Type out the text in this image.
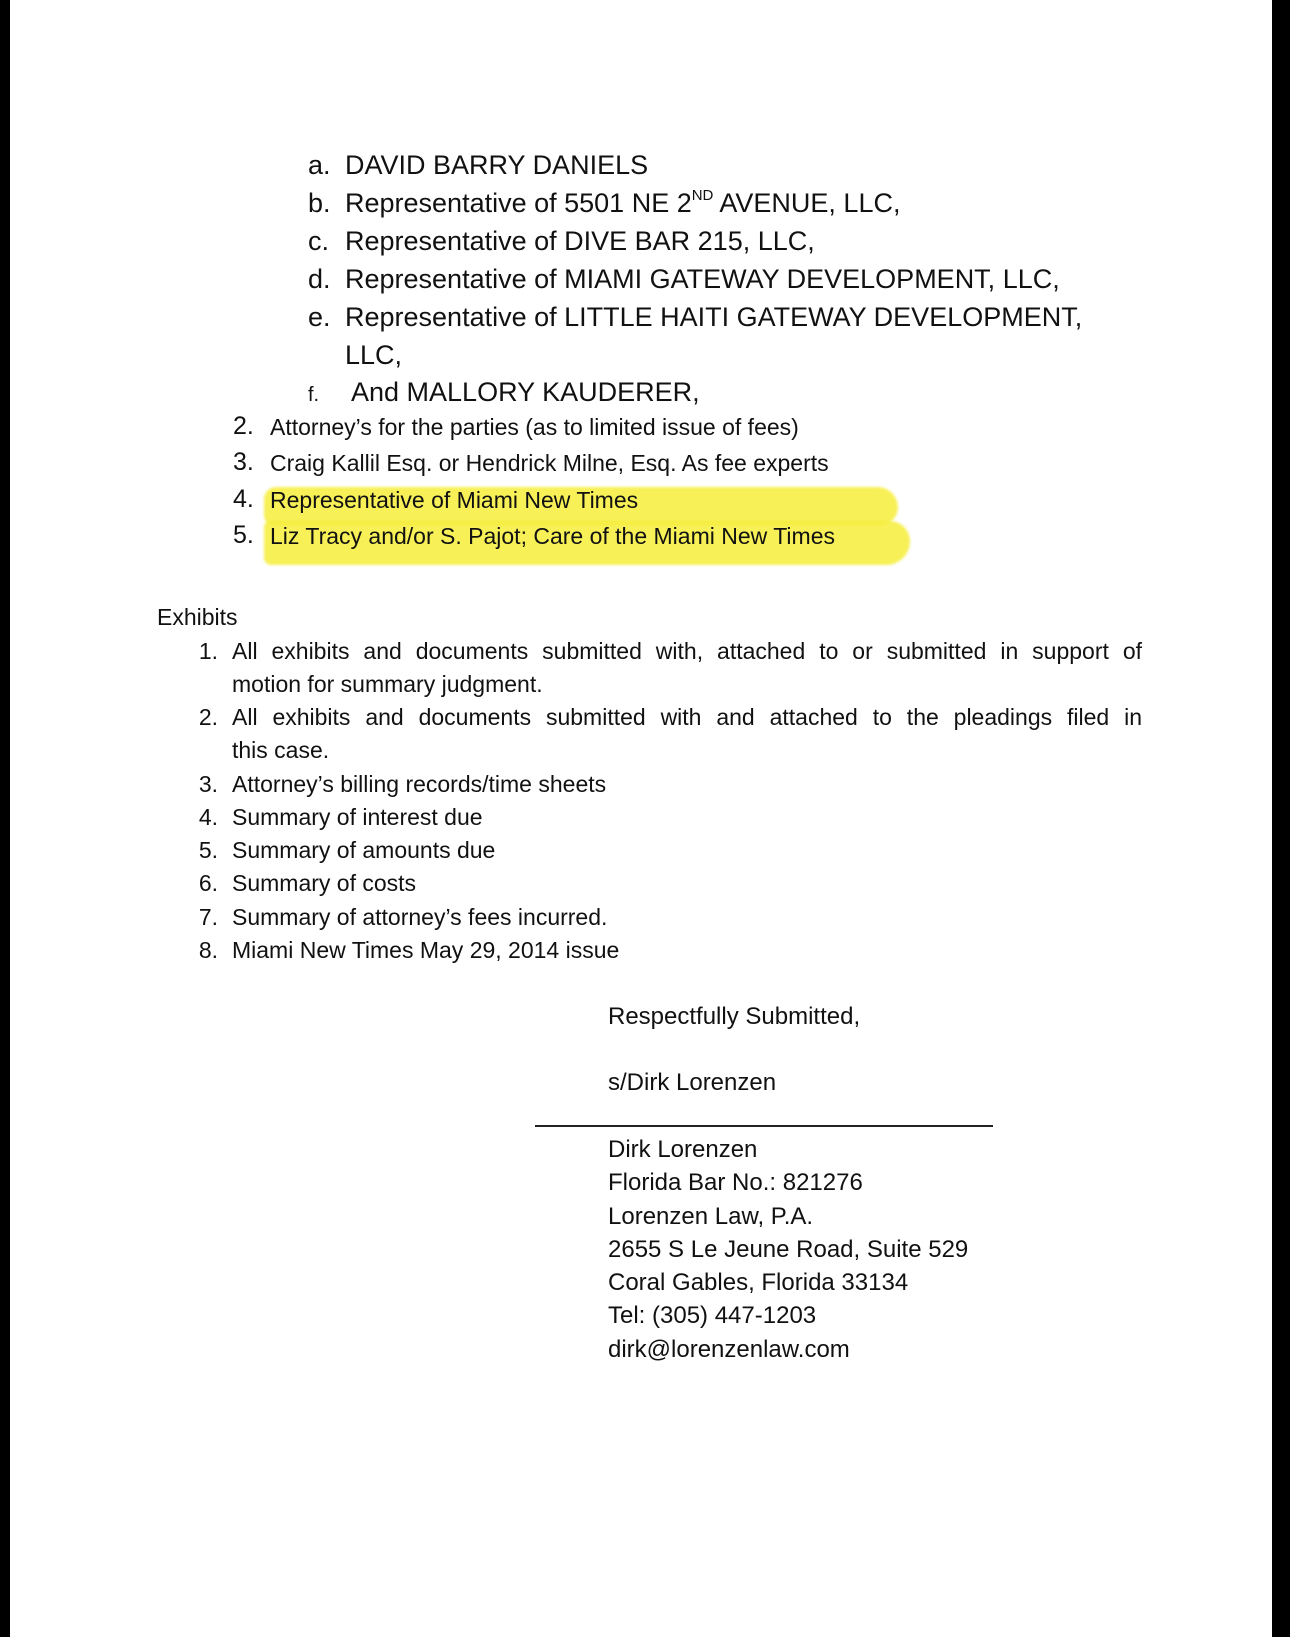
a. DAVID BARRY DANIELS
b. Representative of 5501 NE 2ND AVENUE, LLC,
c. Representative of DIVE BAR 215, LLC,
d. Representative of MIAMI GATEWAY DEVELOPMENT, LLC,
e. Representative of LITTLE HAITI GATEWAY DEVELOPMENT,
LLC,
f. And MALLORY KAUDERER,
2. Attorney’s for the parties (as to limited issue of fees)
3. Craig Kallil Esq. or Hendrick Milne, Esq. As fee experts
4. Representative of Miami New Times
5. Liz Tracy and/or S. Pajot; Care of the Miami New Times
Exhibits
1. All exhibits and documents submitted with, attached to or submitted in support of
motion for summary judgment.
2. All exhibits and documents submitted with and attached to the pleadings filed in
this case.
3. Attorney’s billing records/time sheets
4. Summary of interest due
5. Summary of amounts due
6. Summary of costs
7. Summary of attorney’s fees incurred.
8. Miami New Times May 29, 2014 issue
Respectfully Submitted,
s/Dirk Lorenzen
Dirk Lorenzen
Florida Bar No.: 821276
Lorenzen Law, P.A.
2655 S Le Jeune Road, Suite 529
Coral Gables, Florida 33134
Tel: (305) 447-1203
dirk@lorenzenlaw.com
